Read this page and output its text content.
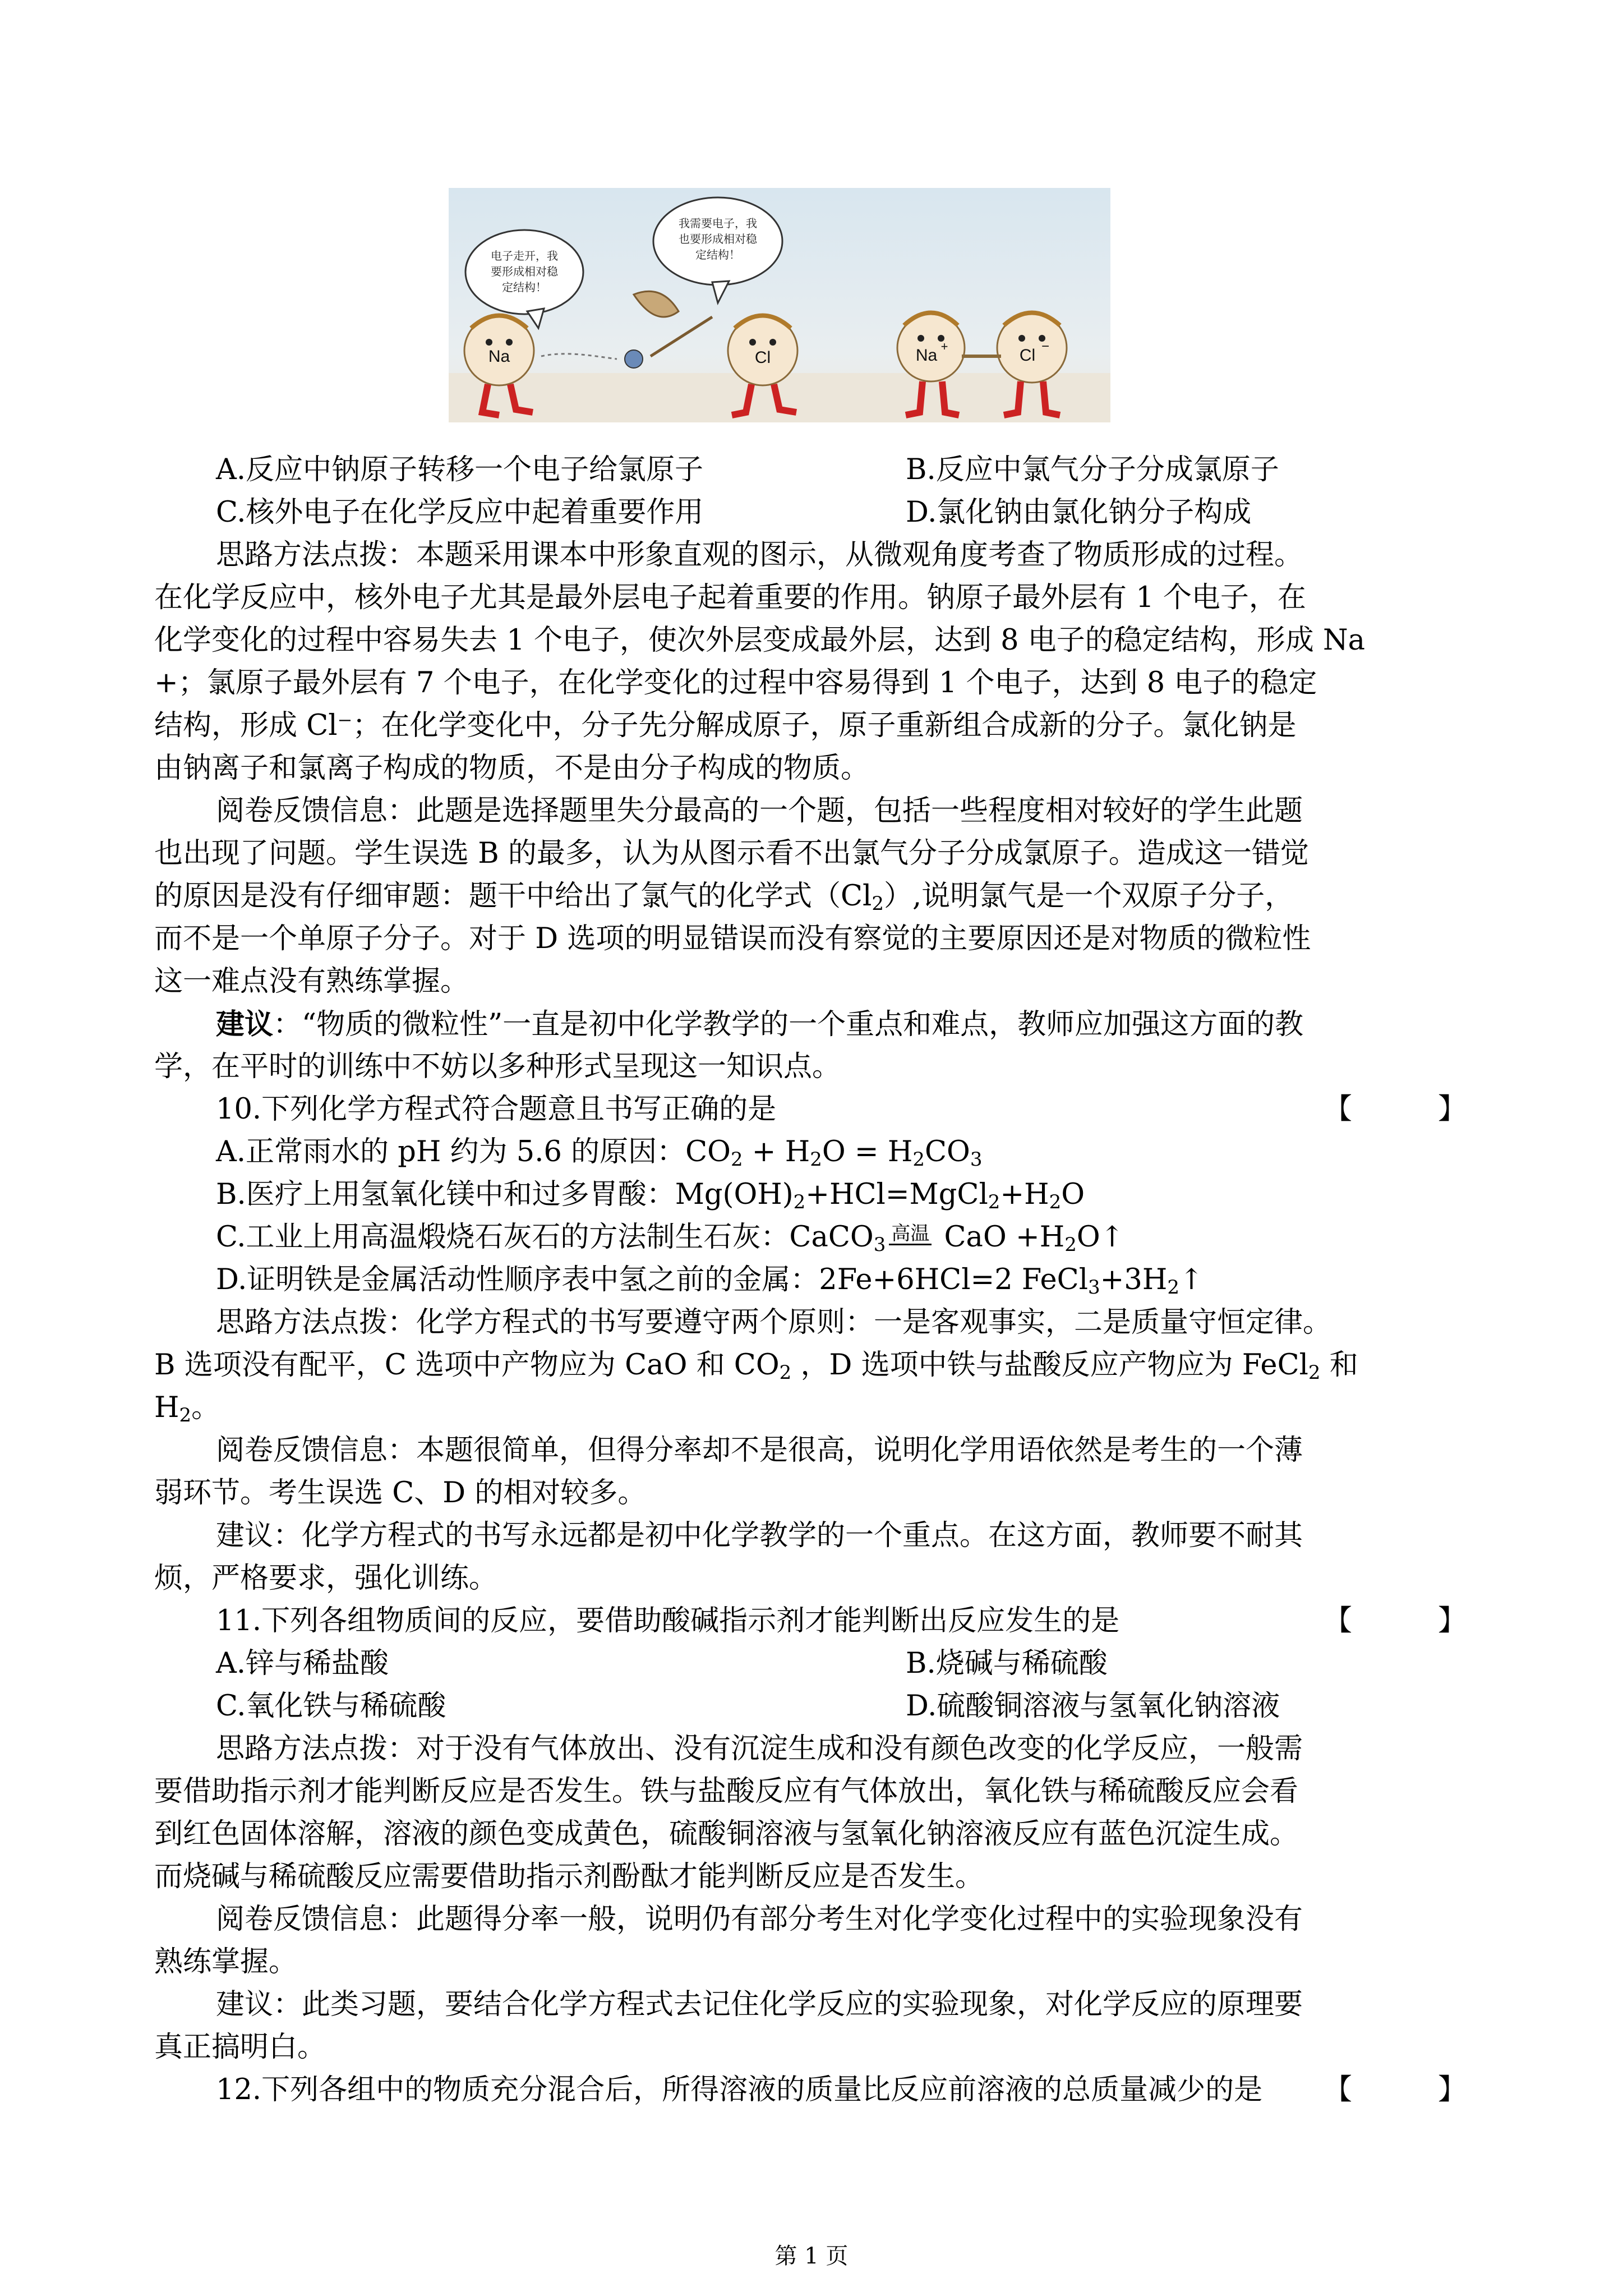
电子走开，我
要形成相对稳
定结构！
我需要电子，我
也要形成相对稳
定结构！
Na	Cl	Na +	Cl −
A.反应中钠原子转移一个电子给氯原子	B.反应中氯气分子分成氯原子
C.核外电子在化学反应中起着重要作用	D.氯化钠由氯化钠分子构成
思路方法点拨：本题采用课本中形象直观的图示，从微观角度考查了物质形成的过程。
在化学反应中，核外电子尤其是最外层电子起着重要的作用。钠原子最外层有 1 个电子，在
化学变化的过程中容易失去 1 个电子，使次外层变成最外层，达到 8 电子的稳定结构，形成 Na
+；氯原子最外层有 7 个电子，在化学变化的过程中容易得到 1 个电子，达到 8 电子的稳定
结构，形成 Cl⁻；在化学变化中，分子先分解成原子，原子重新组合成新的分子。氯化钠是
由钠离子和氯离子构成的物质，不是由分子构成的物质。
阅卷反馈信息：此题是选择题里失分最高的一个题，包括一些程度相对较好的学生此题
也出现了问题。学生误选 B 的最多，认为从图示看不出氯气分子分成氯原子。造成这一错觉
的原因是没有仔细审题：题干中给出了氯气的化学式$(Cl_2)$,说明氯气是一个双原子分子，
而不是一个单原子分子。对于 D 选项的明显错误而没有察觉的主要原因还是对物质的微粒性
这一难点没有熟练掌握。
建议：“物质的微粒性”一直是初中化学教学的一个重点和难点，教师应加强这方面的教
学，在平时的训练中不妨以多种形式呈现这一知识点。
10.下列化学方程式符合题意且书写正确的是	【　　　】
A.正常雨水的 pH 约为 5.6 的原因：$CO_2 + H_2O = H_2CO_3$
B.医疗上用氢氧化镁中和过多胃酸：$Mg(OH)_2+HCl=MgCl_2+H_2O$
C.工业上用高温煅烧石灰石的方法制生石灰：CaCO$_3$ 高温 CaO $+H_2O↑$
D.证明铁是金属活动性顺序表中氢之前的金属：2Fe+6HCl=2 $FeCl_3+3H_2↑$
思路方法点拨：化学方程式的书写要遵守两个原则：一是客观事实，二是质量守恒定律。
B 选项没有配平，C 选项中产物应为 CaO 和 $CO_2$ ，D 选项中铁与盐酸反应产物应为 FeCl$_2$ 和
$H_2$。
阅卷反馈信息：本题很简单，但得分率却不是很高，说明化学用语依然是考生的一个薄
弱环节。考生误选 C、D 的相对较多。
建议：化学方程式的书写永远都是初中化学教学的一个重点。在这方面，教师要不耐其
烦，严格要求，强化训练。
11.下列各组物质间的反应，要借助酸碱指示剂才能判断出反应发生的是	【　　　】
A.锌与稀盐酸	B.烧碱与稀硫酸
C.氧化铁与稀硫酸	D.硫酸铜溶液与氢氧化钠溶液
思路方法点拨：对于没有气体放出、没有沉淀生成和没有颜色改变的化学反应，一般需
要借助指示剂才能判断反应是否发生。铁与盐酸反应有气体放出，氧化铁与稀硫酸反应会看
到红色固体溶解，溶液的颜色变成黄色，硫酸铜溶液与氢氧化钠溶液反应有蓝色沉淀生成。
而烧碱与稀硫酸反应需要借助指示剂酚酞才能判断反应是否发生。
阅卷反馈信息：此题得分率一般，说明仍有部分考生对化学变化过程中的实验现象没有
熟练掌握。
建议：此类习题，要结合化学方程式去记住化学反应的实验现象，对化学反应的原理要
真正搞明白。
12.下列各组中的物质充分混合后，所得溶液的质量比反应前溶液的总质量减少的是 【　　　】
第 1 页
